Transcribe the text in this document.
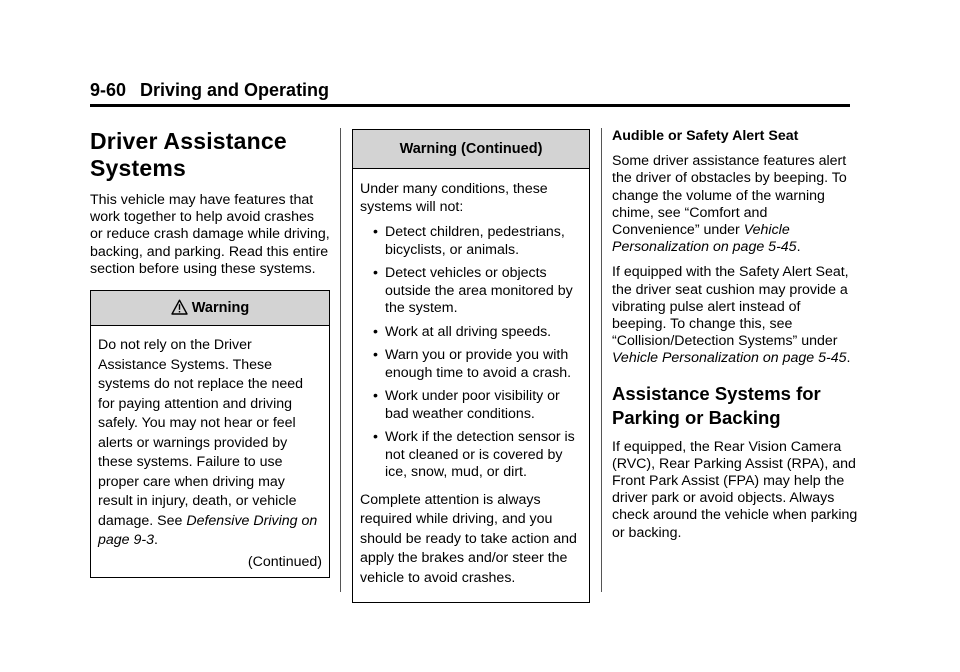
9-60 Driving and Operating
Driver Assistance Systems

This vehicle may have features that work together to help avoid crashes or reduce crash damage while driving, backing, and parking. Read this entire section before using these systems.

Warning
Do not rely on the Driver Assistance Systems. These systems do not replace the need for paying attention and driving safely. You may not hear or feel alerts or warnings provided by these systems. Failure to use proper care when driving may result in injury, death, or vehicle damage. See Defensive Driving on page 9-3.
(Continued)
Warning (Continued)

Under many conditions, these systems will not:

• Detect children, pedestrians, bicyclists, or animals.
• Detect vehicles or objects outside the area monitored by the system.
• Work at all driving speeds.
• Warn you or provide you with enough time to avoid a crash.
• Work under poor visibility or bad weather conditions.
• Work if the detection sensor is not cleaned or is covered by ice, snow, mud, or dirt.

Complete attention is always required while driving, and you should be ready to take action and apply the brakes and/or steer the vehicle to avoid crashes.

Audible or Safety Alert Seat

Some driver assistance features alert the driver of obstacles by beeping. To change the volume of the warning chime, see “Comfort and Convenience” under Vehicle Personalization on page 5-45.

If equipped with the Safety Alert Seat, the driver seat cushion may provide a vibrating pulse alert instead of beeping. To change this, see “Collision/Detection Systems” under Vehicle Personalization on page 5-45.

Assistance Systems for Parking or Backing

If equipped, the Rear Vision Camera (RVC), Rear Parking Assist (RPA), and Front Park Assist (FPA) may help the driver park or avoid objects. Always check around the vehicle when parking or backing.
